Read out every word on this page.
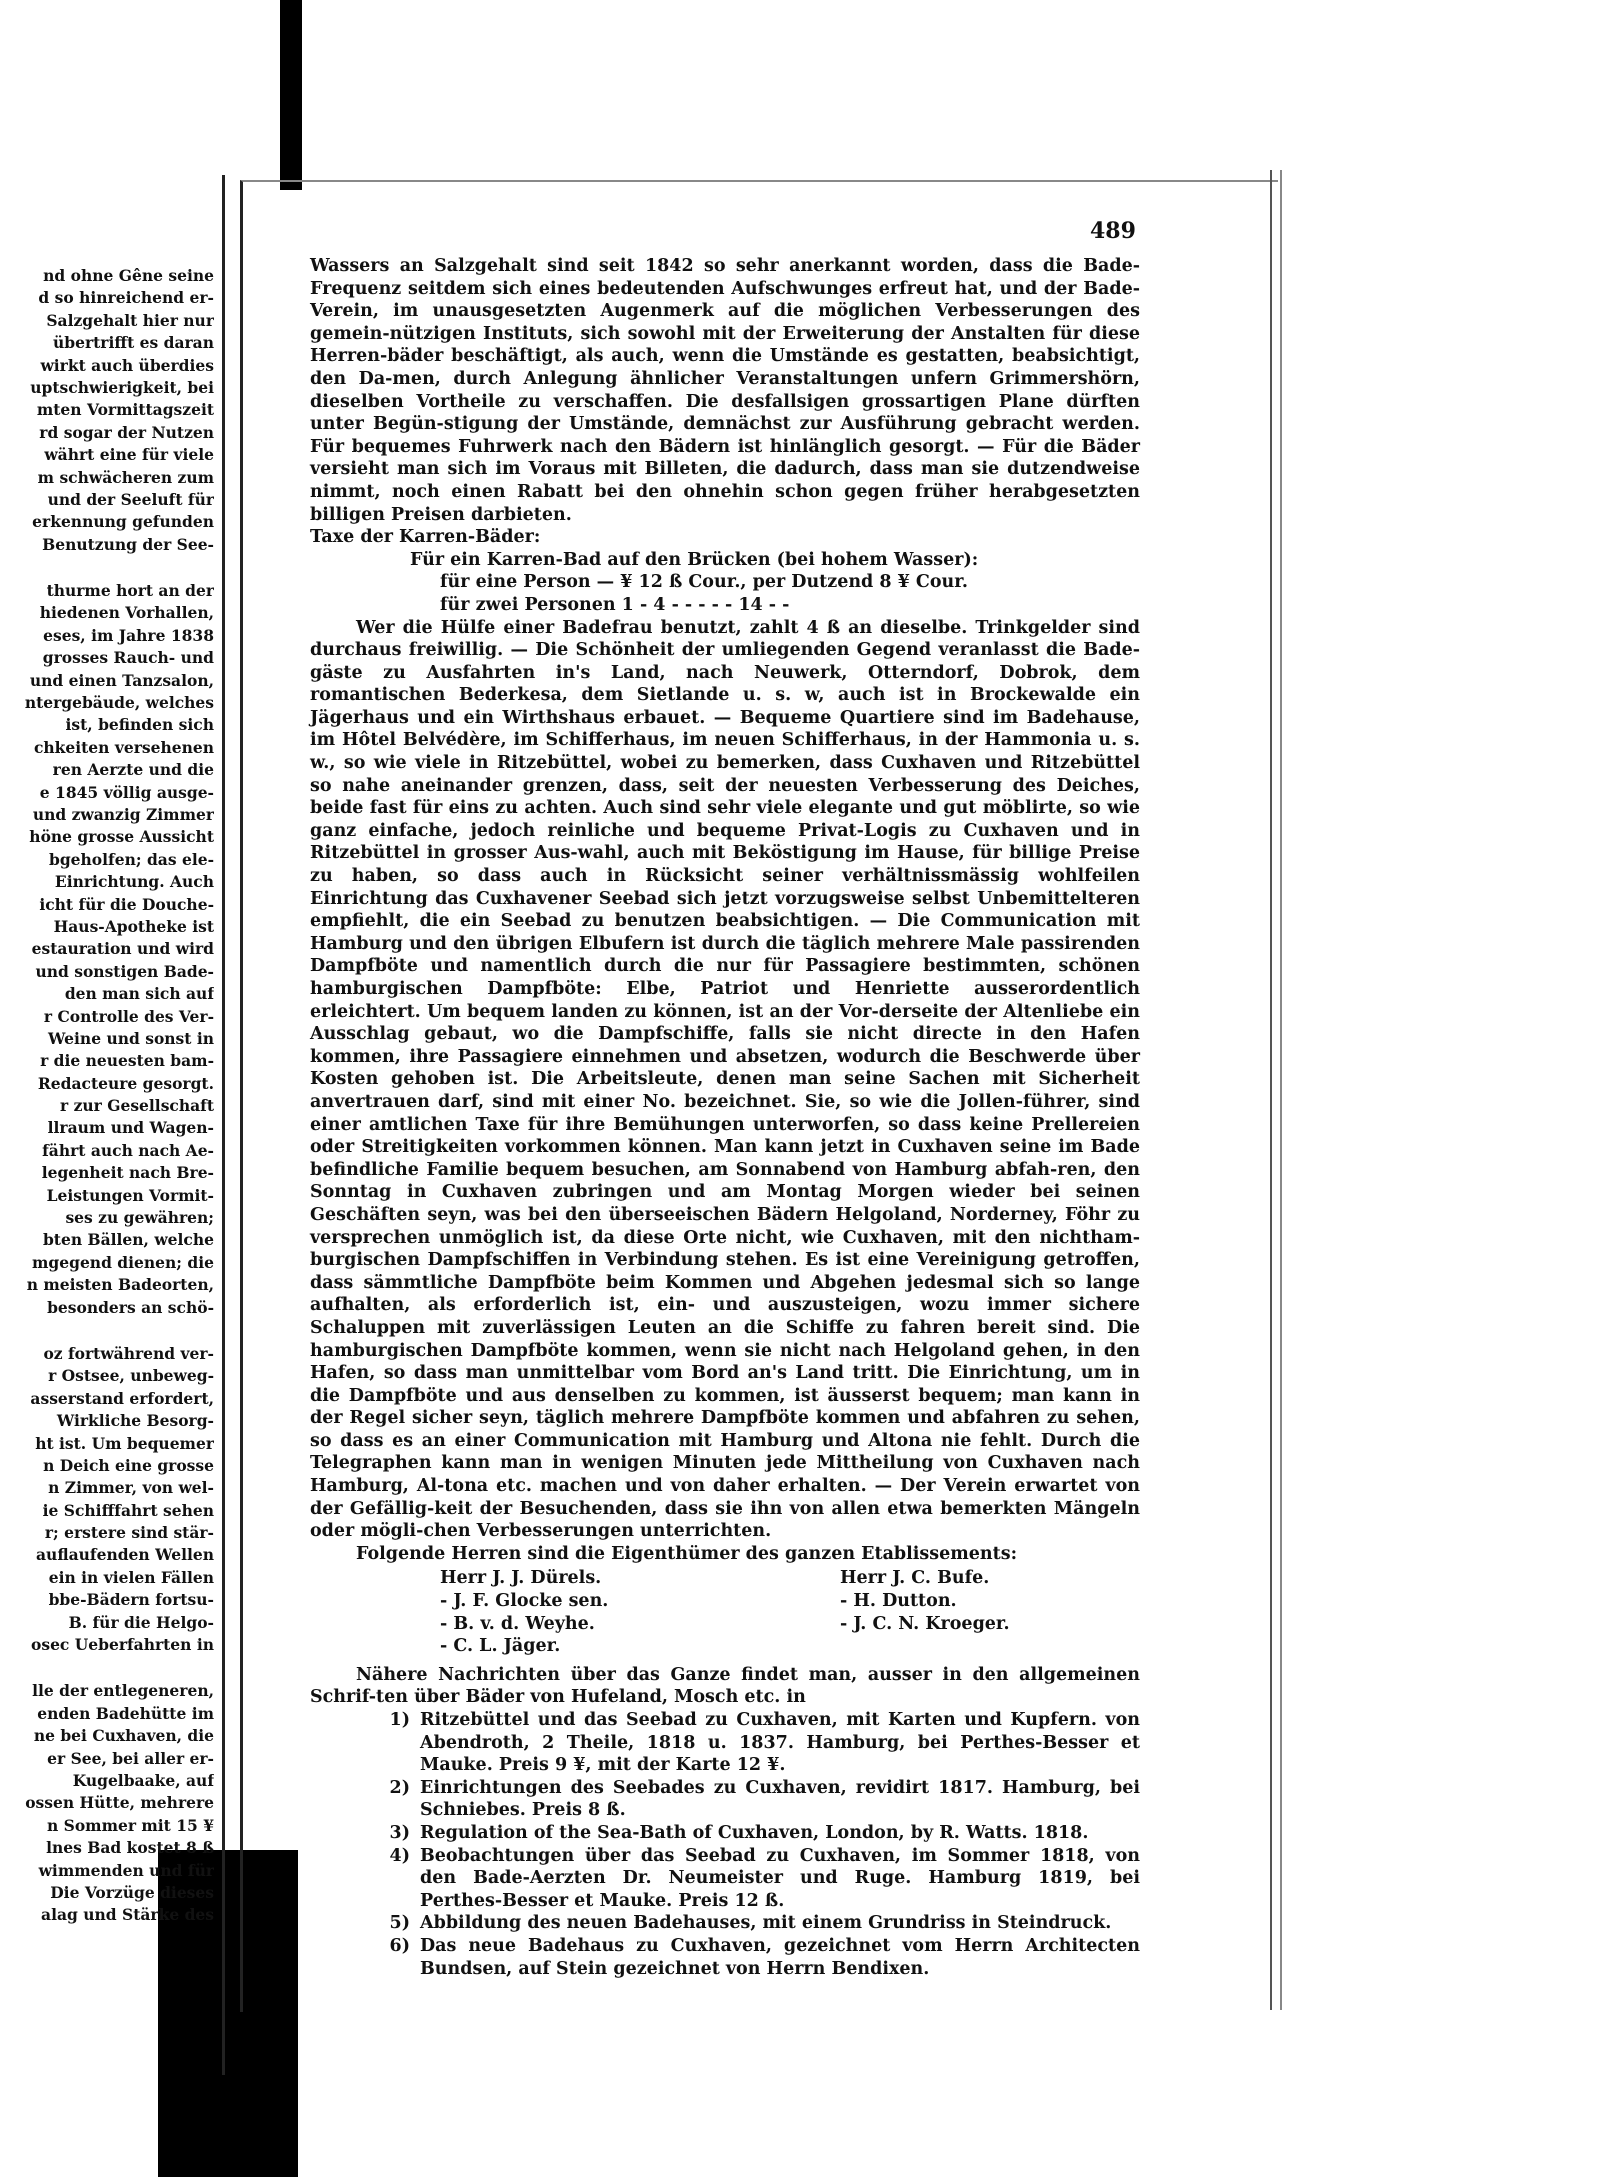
nd ohne Gêne seine
d so hinreichend er-
Salzgehalt hier nur
übertrifft es daran
wirkt auch überdies
uptschwierigkeit, bei
mten Vormittagszeit
rd sogar der Nutzen
währt eine für viele
m schwächeren zum
und der Seeluft für
erkennung gefunden
Benutzung der See-
thurme hort an der
hiedenen Vorhallen,
eses, im Jahre 1838
grosses Rauch- und
und einen Tanzsalon,
ntergebäude, welches
ist, befinden sich
chkeiten versehenen
ren Aerzte und die
e 1845 völlig ausge-
und zwanzig Zimmer
höne grosse Aussicht
bgeholfen; das ele-
Einrichtung. Auch
icht für die Douche-
Haus-Apotheke ist
estauration und wird
und sonstigen Bade-
den man sich auf
r Controlle des Ver-
Weine und sonst in
r die neuesten bam-
Redacteure gesorgt.
r zur Gesellschaft
llraum und Wagen-
fährt auch nach Ae-
legenheit nach Bre-
Leistungen Vormit-
ses zu gewähren;
bten Bällen, welche
mgegend dienen; die
n meisten Badeorten,
besonders an schö-
oz fortwährend ver-
r Ostsee, unbeweg-
asserstand erfordert,
Wirkliche Besorg-
ht ist. Um bequemer
n Deich eine grosse
n Zimmer, von wel-
ie Schifffahrt sehen
r; erstere sind stär-
auflaufenden Wellen
ein in vielen Fällen
bbe-Bädern fortsu-
B. für die Helgo-
osec Ueberfahrten in
lle der entlegeneren,
enden Badehütte im
ne bei Cuxhaven, die
er See, bei aller er-
Kugelbaake, auf
ossen Hütte, mehrere
n Sommer mit 15 ¥
lnes Bad kostet 8 ß
wimmenden und für
Die Vorzüge dieses
alag und Stärke des
489

Wassers an Salzgehalt sind seit 1842 so sehr anerkannt worden, dass die Bade-Frequenz seitdem sich eines bedeutenden Aufschwunges erfreut hat, und der Bade-Verein, im unausgesetzten Augenmerk auf die möglichen Verbesserungen des gemein-nützigen Instituts, sich sowohl mit der Erweiterung der Anstalten für diese Herren-bäder beschäftigt, als auch, wenn die Umstände es gestatten, beabsichtigt, den Da-men, durch Anlegung ähnlicher Veranstaltungen unfern Grimmershörn, dieselben Vortheile zu verschaffen. Die desfallsigen grossartigen Plane dürften unter Begün-stigung der Umstände, demnächst zur Ausführung gebracht werden. Für bequemes Fuhrwerk nach den Bädern ist hinlänglich gesorgt. — Für die Bäder versieht man sich im Voraus mit Billeten, die dadurch, dass man sie dutzendweise nimmt, noch einen Rabatt bei den ohnehin schon gegen früher herabgesetzten billigen Preisen darbieten.

Taxe der Karren-Bäder:

Für ein Karren-Bad auf den Brücken (bei hohem Wasser):

für eine Person — ¥ 12 ß Cour., per Dutzend 8 ¥ Cour.

für zwei Personen 1 - 4 - - - - - 14 - -

Wer die Hülfe einer Badefrau benutzt, zahlt 4 ß an dieselbe. Trinkgelder sind durchaus freiwillig. — Die Schönheit der umliegenden Gegend veranlasst die Bade-gäste zu Ausfahrten in's Land, nach Neuwerk, Otterndorf, Dobrok, dem romantischen Bederkesa, dem Sietlande u. s. w, auch ist in Brockewalde ein Jägerhaus und ein Wirthshaus erbauet. — Bequeme Quartiere sind im Badehause, im Hôtel Belvédère, im Schifferhaus, im neuen Schifferhaus, in der Hammonia u. s. w., so wie viele in Ritzebüttel, wobei zu bemerken, dass Cuxhaven und Ritzebüttel so nahe aneinander grenzen, dass, seit der neuesten Verbesserung des Deiches, beide fast für eins zu achten. Auch sind sehr viele elegante und gut möblirte, so wie ganz einfache, jedoch reinliche und bequeme Privat-Logis zu Cuxhaven und in Ritzebüttel in grosser Aus-wahl, auch mit Beköstigung im Hause, für billige Preise zu haben, so dass auch in Rücksicht seiner verhältnissmässig wohlfeilen Einrichtung das Cuxhavener Seebad sich jetzt vorzugsweise selbst Unbemittelteren empfiehlt, die ein Seebad zu benutzen beabsichtigen. — Die Communication mit Hamburg und den übrigen Elbufern ist durch die täglich mehrere Male passirenden Dampfböte und namentlich durch die nur für Passagiere bestimmten, schönen hamburgischen Dampfböte: Elbe, Patriot und Henriette ausserordentlich erleichtert. Um bequem landen zu können, ist an der Vor-derseite der Altenliebe ein Ausschlag gebaut, wo die Dampfschiffe, falls sie nicht directe in den Hafen kommen, ihre Passagiere einnehmen und absetzen, wodurch die Beschwerde über Kosten gehoben ist. Die Arbeitsleute, denen man seine Sachen mit Sicherheit anvertrauen darf, sind mit einer No. bezeichnet. Sie, so wie die Jollen-führer, sind einer amtlichen Taxe für ihre Bemühungen unterworfen, so dass keine Prellereien oder Streitigkeiten vorkommen können. Man kann jetzt in Cuxhaven seine im Bade befindliche Familie bequem besuchen, am Sonnabend von Hamburg abfah-ren, den Sonntag in Cuxhaven zubringen und am Montag Morgen wieder bei seinen Geschäften seyn, was bei den überseeischen Bädern Helgoland, Norderney, Föhr zu versprechen unmöglich ist, da diese Orte nicht, wie Cuxhaven, mit den nichtham-burgischen Dampfschiffen in Verbindung stehen. Es ist eine Vereinigung getroffen, dass sämmtliche Dampfböte beim Kommen und Abgehen jedesmal sich so lange aufhalten, als erforderlich ist, ein- und auszusteigen, wozu immer sichere Schaluppen mit zuverlässigen Leuten an die Schiffe zu fahren bereit sind. Die hamburgischen Dampfböte kommen, wenn sie nicht nach Helgoland gehen, in den Hafen, so dass man unmittelbar vom Bord an's Land tritt. Die Einrichtung, um in die Dampfböte und aus denselben zu kommen, ist äusserst bequem; man kann in der Regel sicher seyn, täglich mehrere Dampfböte kommen und abfahren zu sehen, so dass es an einer Communication mit Hamburg und Altona nie fehlt. Durch die Telegraphen kann man in wenigen Minuten jede Mittheilung von Cuxhaven nach Hamburg, Al-tona etc. machen und von daher erhalten. — Der Verein erwartet von der Gefällig-keit der Besuchenden, dass sie ihn von allen etwa bemerkten Mängeln oder mögli-chen Verbesserungen unterrichten.

Folgende Herren sind die Eigenthümer des ganzen Etablissements:

Herr J. J. Dürels.	Herr J. C. Bufe.
- J. F. Glocke sen.	- H. Dutton.
- B. v. d. Weyhe.	- J. C. N. Kroeger.
- C. L. Jäger.

Nähere Nachrichten über das Ganze findet man, ausser in den allgemeinen Schrif-ten über Bäder von Hufeland, Mosch etc. in

1) Ritzebüttel und das Seebad zu Cuxhaven, mit Karten und Kupfern. von Abendroth, 2 Theile, 1818 u. 1837. Hamburg, bei Perthes-Besser et Mauke. Preis 9 ¥, mit der Karte 12 ¥.
2) Einrichtungen des Seebades zu Cuxhaven, revidirt 1817. Hamburg, bei Schniebes. Preis 8 ß.
3) Regulation of the Sea-Bath of Cuxhaven, London, by R. Watts. 1818.
4) Beobachtungen über das Seebad zu Cuxhaven, im Sommer 1818, von den Bade-Aerzten Dr. Neumeister und Ruge. Hamburg 1819, bei Perthes-Besser et Mauke. Preis 12 ß.
5) Abbildung des neuen Badehauses, mit einem Grundriss in Steindruck.
6) Das neue Badehaus zu Cuxhaven, gezeichnet vom Herrn Architecten Bundsen, auf Stein gezeichnet von Herrn Bendixen.
